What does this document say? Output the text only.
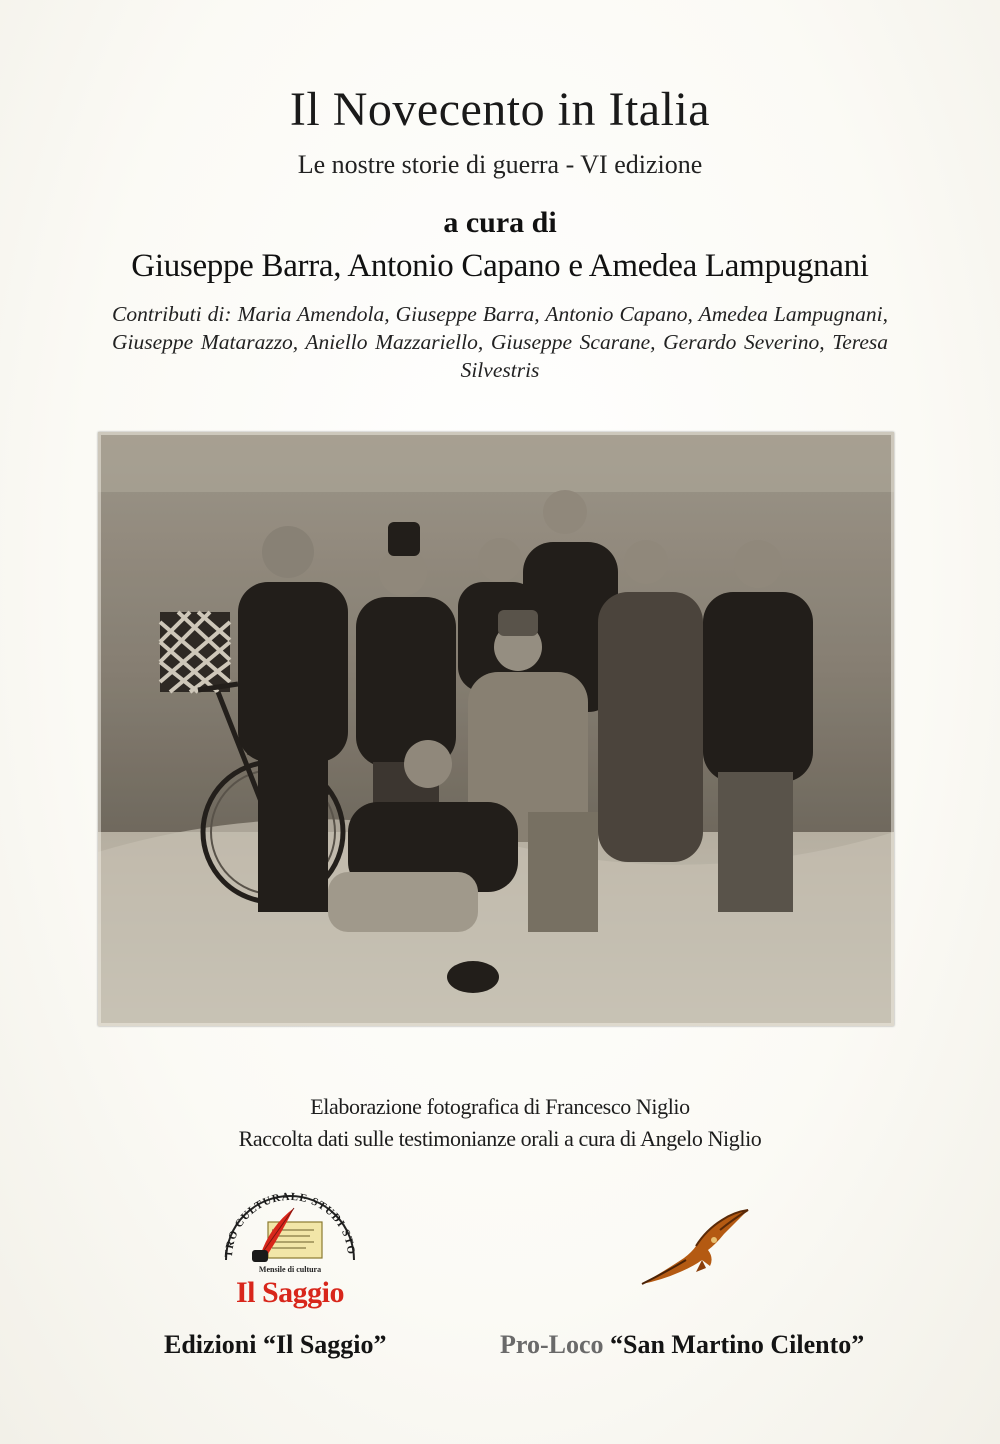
Il Novecento in Italia
Le nostre storie di guerra - VI edizione
a cura di
Giuseppe Barra, Antonio Capano e Amedea Lampugnani
Contributi di: Maria Amendola, Giuseppe Barra, Antonio Capano, Amedea Lampugnani, Giuseppe Matarazzo, Aniello Mazzariello, Giuseppe Scarane, Gerardo Severino, Teresa Silvestris
Elaborazione fotografica di Francesco Niglio
Raccolta dati sulle testimonianze orali a cura di Angelo Niglio
TRO CULTURALE STUDI STO
Mensile di cultura
Il Saggio
Edizioni “Il Saggio”	Pro-Loco “San Martino Cilento”
